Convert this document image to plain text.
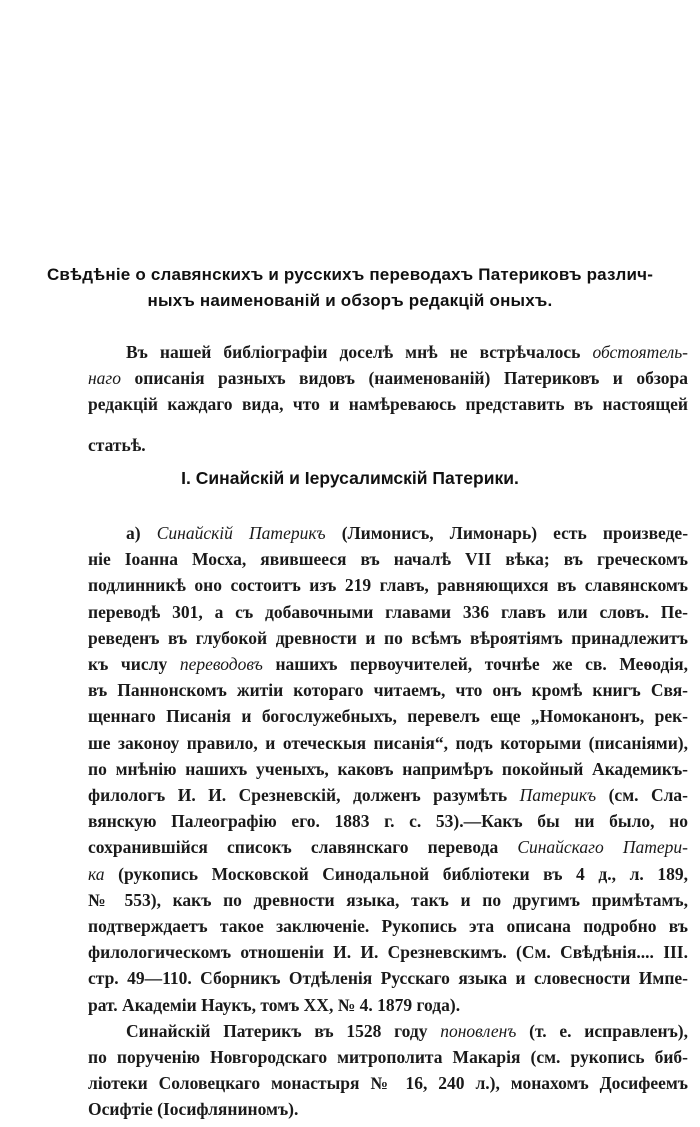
Свѣдѣніе о славянскихъ и русскихъ переводахъ Патериковъ различ-
ныхъ наименованій и обзоръ редакцій оныхъ.
Въ нашей библіографіи доселѣ мнѣ не встрѣчалось обстоятель-
наго описанія разныхъ видовъ (наименованій) Патериковъ и обзора
редакцій каждаго вида, что и намѣреваюсь представить въ настоящей
статьѣ.
I. Синайскій и Іерусалимскій Патерики.
а) Синайскій Патерикъ (Лимонисъ, Лимонарь) есть произведе-
ніе Іоанна Мосха, явившееся въ началѣ VII вѣка; въ греческомъ
подлинникѣ оно состоитъ изъ 219 главъ, равняющихся въ славянскомъ
переводѣ 301, а съ добавочными главами 336 главъ или словъ. Пе-
реведенъ въ глубокой древности и по всѣмъ вѣроятіямъ принадлежитъ
къ числу переводовъ нашихъ первоучителей, точнѣе же св. Меѳодія,
въ Паннонскомъ житіи котораго читаемъ, что онъ кромѣ книгъ Свя-
щеннаго Писанія и богослужебныхъ, перевелъ еще „Номоканонъ, рек-
ше законоу правило, и отеческыя писанія“, подъ которыми (писаніями),
по мнѣнію нашихъ ученыхъ, каковъ напримѣръ покойный Академикъ-
филологъ И. И. Срезневскій, долженъ разумѣть Патерикъ (см. Сла-
вянскую Палеографію его. 1883 г. с. 53).—Какъ бы ни было, но
сохранившійся списокъ славянскаго перевода Синайскаго Патери-
ка (рукопись Московской Синодальной библіотеки въ 4 д., л. 189,
№ 553), какъ по древности языка, такъ и по другимъ примѣтамъ,
подтверждаетъ такое заключеніе. Рукопись эта описана подробно въ
филологическомъ отношеніи И. И. Срезневскимъ. (См. Свѣдѣнія.... III.
стр. 49—110. Сборникъ Отдѣленія Русскаго языка и словесности Импе-
рат. Академіи Наукъ, томъ XX, № 4. 1879 года).
Синайскій Патерикъ въ 1528 году поновленъ (т. е. исправленъ),
по порученію Новгородскаго митрополита Макарія (см. рукопись биб-
ліотеки Соловецкаго монастыря № 16, 240 л.), монахомъ Досифеемъ
Осифтіе (Іосифляниномъ).
